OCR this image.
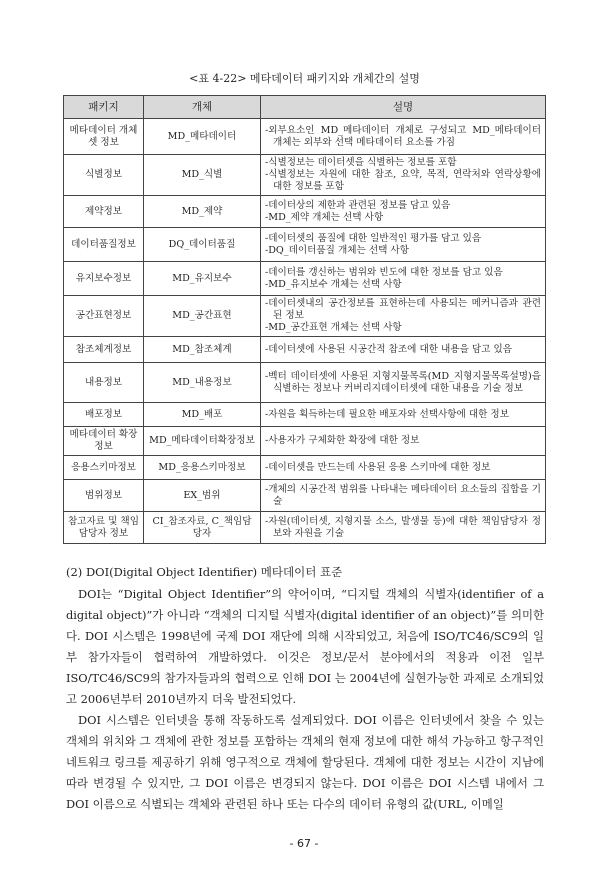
<표 4-22> 메타데이터 패키지와 개체간의 설명
패키지	개체	설명
메타데이터 개체셋 정보	MD_메타데이터	-외부요소인 MD_메타데이터 개체로 구성되고 MD_메타데이터 개체는 외부와 선택 메타데이터 요소를 가짐

식별정보	MD_식별	-식별정보는 데이터셋을 식별하는 정보를 포함
-식별정보는 자원에 대한 참조, 요약, 목적, 연락처와 연락상황에 대한 정보를 포함

제약정보	MD_제약	-데이터상의 제한과 관련된 정보를 담고 있음
-MD_제약 개체는 선택 사항

데이터품질정보	DQ_데이터품질	-데이터셋의 품질에 대한 일반적인 평가를 담고 있음
-DQ_데이터품질 개체는 선택 사항

유지보수정보	MD_유지보수	-데이터를 갱신하는 범위와 빈도에 대한 정보를 담고 있음
-MD_유지보수 개체는 선택 사항

공간표현정보	MD_공간표현	-데이터셋내의 공간정보를 표현하는데 사용되는 메커니즘과 관련된 정보
-MD_공간표현 개체는 선택 사항

참조체계정보	MD_참조체계	-데이터셋에 사용된 시공간적 참조에 대한 내용을 담고 있음

내용정보	MD_내용정보	-벡터 데이터셋에 사용된 지형지물목록(MD_지형지물목록설명)을 식별하는 정보나 커버리지데이터셋에 대한 내용을 기술 정보

배포정보	MD_배포	-자원을 획득하는데 필요한 배포자와 선택사항에 대한 정보

메타데이터 확장정보	MD_메타데이터확장정보	-사용자가 구체화한 확장에 대한 정보

응용스키마정보	MD_응용스키마정보	-데이터셋을 만드는데 사용된 응용 스키마에 대한 정보

범위정보	EX_범위	-개체의 시공간적 범위를 나타내는 메타데이터 요소들의 집합을 기술

참고자료 및 책임담당자 정보	CI_참조자료, C_책임담당자	-자원(데이터셋, 지형지물 소스, 발생물 등)에 대한 책임담당자 정보와 자원을 기술
(2) DOI(Digital Object Identifier) 메타데이터 표준

DOI는 “Digital Object Identifier”의 약어이며, “디지털 객체의 식별자(identifier of a digital object)”가 아니라 “객체의 디지털 식별자(digital identifier of an object)”를 의미한다. DOI 시스템은 1998년에 국제 DOI 재단에 의해 시작되었고, 처음에 ISO/TC46/SC9의 일부 참가자들이 협력하여 개발하였다. 이것은 정보/문서 분야에서의 적용과 이전 일부 ISO/TC46/SC9의 참가자들과의 협력으로 인해 DOI 는 2004년에 실현가능한 과제로 소개되었고 2006년부터 2010년까지 더욱 발전되었다.

DOI 시스템은 인터넷을 통해 작동하도록 설계되었다. DOI 이름은 인터넷에서 찾을 수 있는 객체의 위치와 그 객체에 관한 정보를 포함하는 객체의 현재 정보에 대한 해석 가능하고 항구적인 네트워크 링크를 제공하기 위해 영구적으로 객체에 할당된다. 객체에 대한 정보는 시간이 지남에 따라 변경될 수 있지만, 그 DOI 이름은 변경되지 않는다. DOI 이름은 DOI 시스템 내에서 그 DOI 이름으로 식별되는 객체와 관련된 하나 또는 다수의 데이터 유형의 값(URL, 이메일

- 67 -
